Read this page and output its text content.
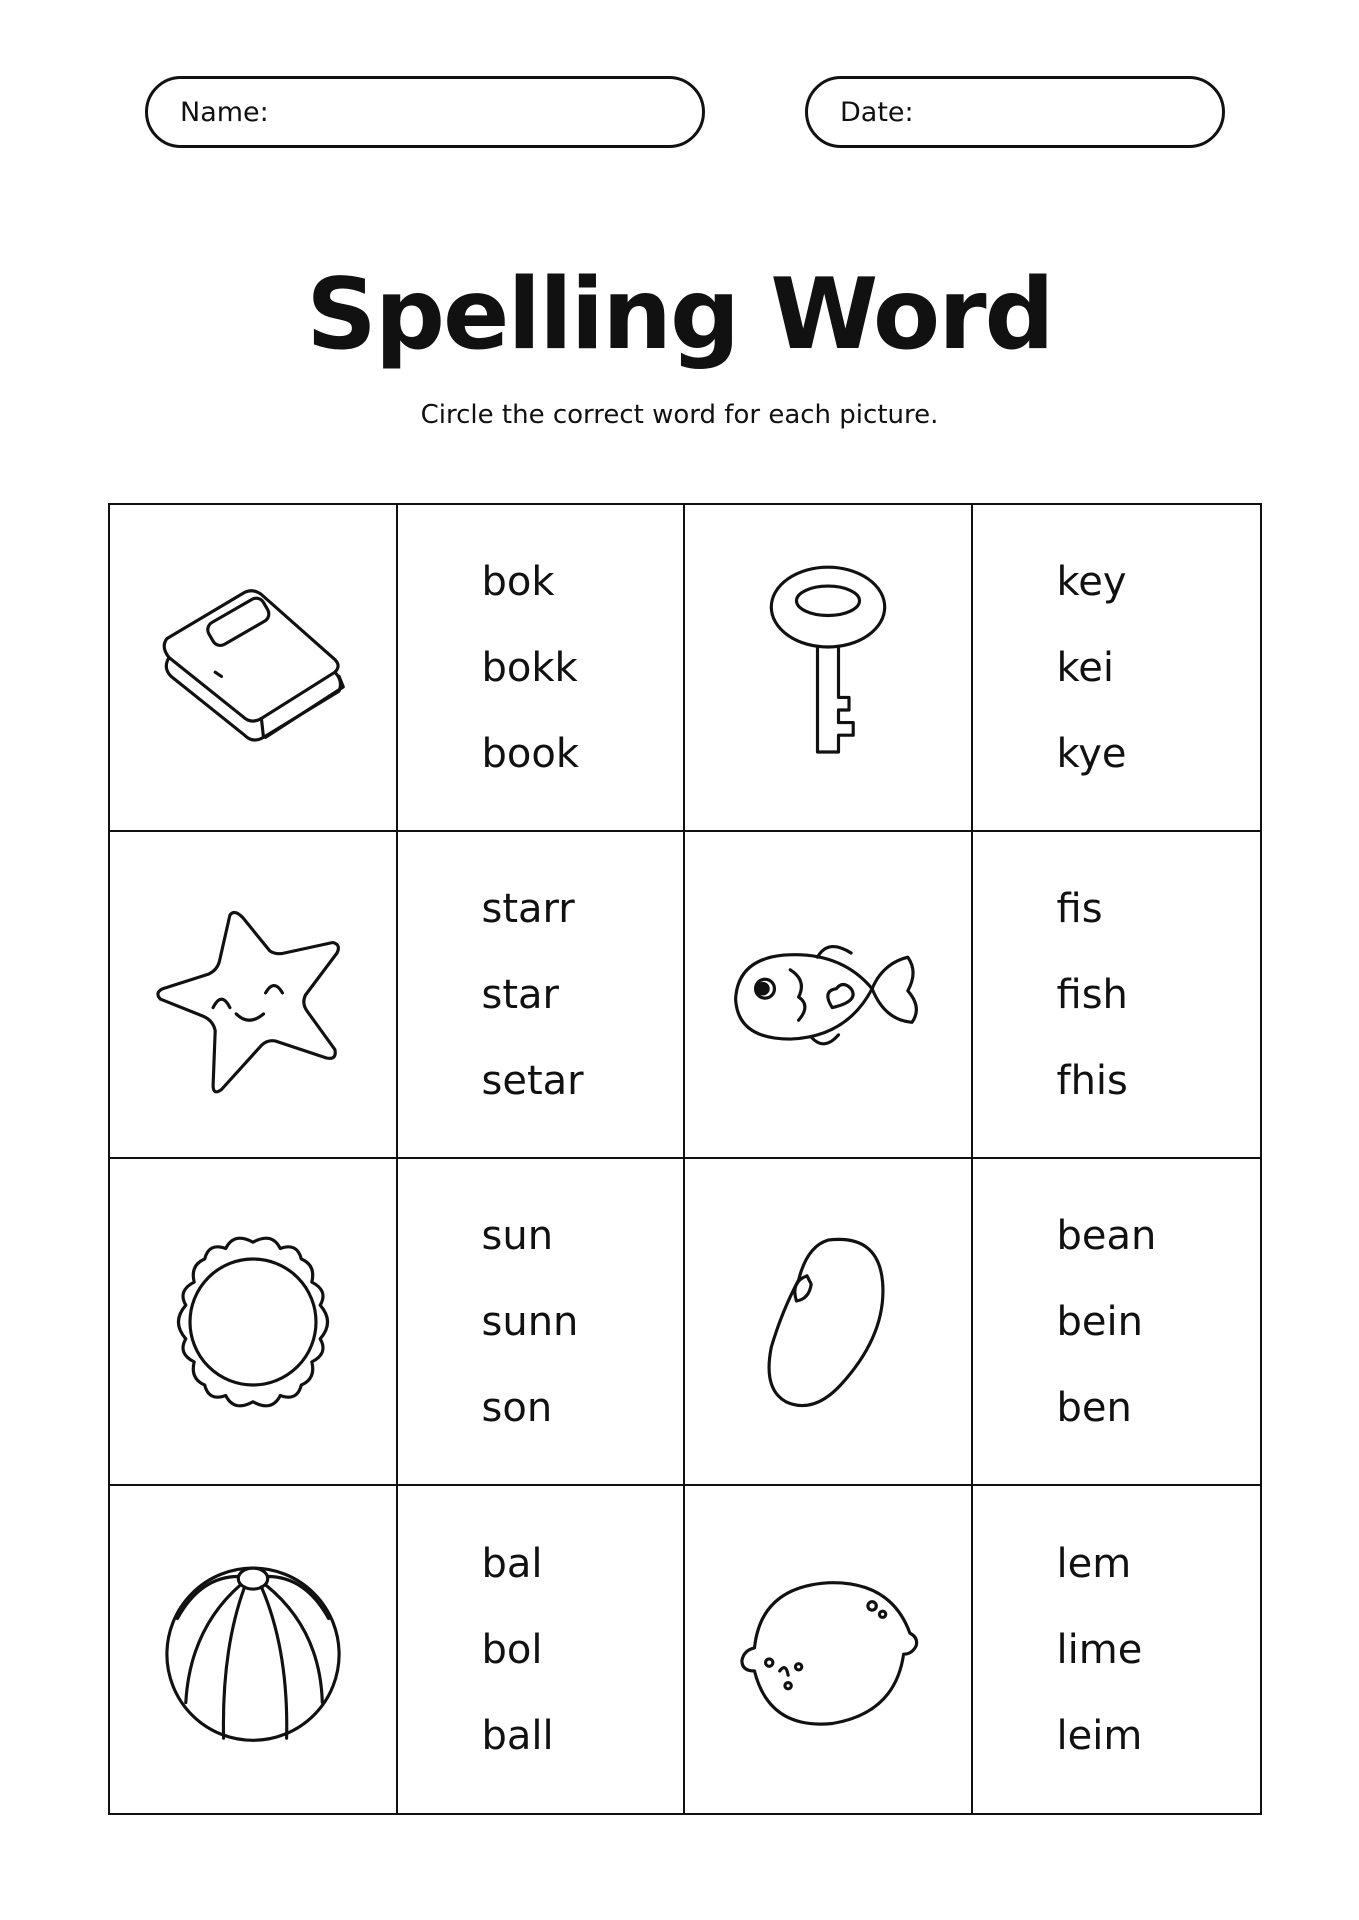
Name:	Date:
Spelling Word
Circle the correct word for each picture.
bok
bokk
book
key
kei
kye
starr
star
setar
fis
fish
fhis
sun
sunn
son
bean
bein
ben
bal
bol
ball
lem
lime
leim
